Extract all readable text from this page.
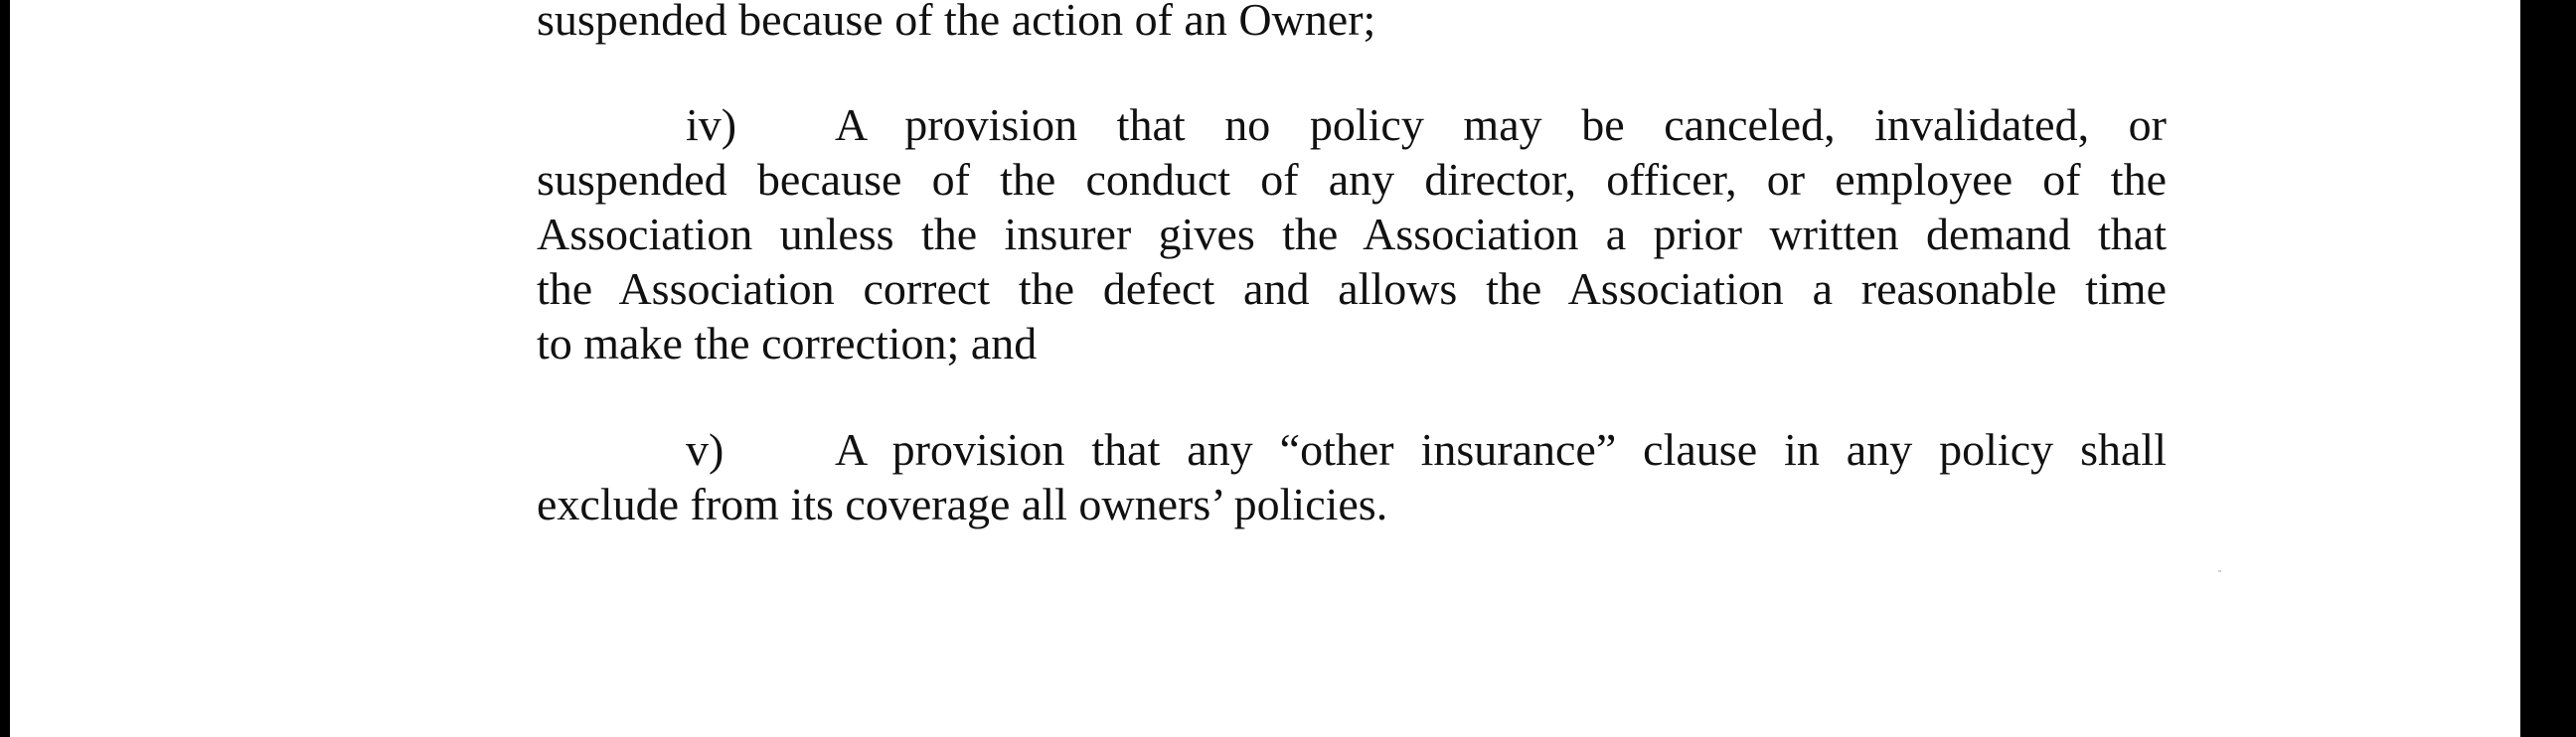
suspended because of the action of an Owner;
iv) A provision that no policy may be canceled, invalidated, or
suspended because of the conduct of any director, officer, or employee of the
Association unless the insurer gives the Association a prior written demand that
the Association correct the defect and allows the Association a reasonable time
to make the correction; and
v) A provision that any “other insurance” clause in any policy shall
exclude from its coverage all owners’ policies.
